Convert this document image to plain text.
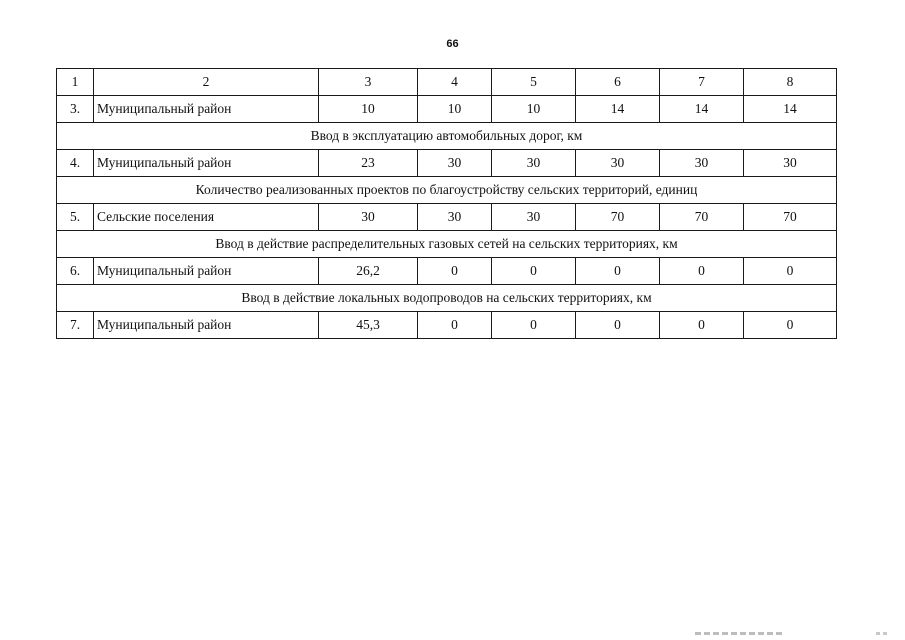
66
1	2	3	4	5	6	7	8
3.	Муниципальный район	10	10	10	14	14	14
Ввод в эксплуатацию автомобильных дорог, км							
4.	Муниципальный район	23	30	30	30	30	30
Количество реализованных проектов по благоустройству сельских территорий, единиц							
5.	Сельские поселения	30	30	30	70	70	70
Ввод в действие распределительных газовых сетей на сельских территориях, км							
6.	Муниципальный район	26,2	0	0	0	0	0
Ввод в действие локальных водопроводов на сельских территориях, км							
7.	Муниципальный район	45,3	0	0	0	0	0
